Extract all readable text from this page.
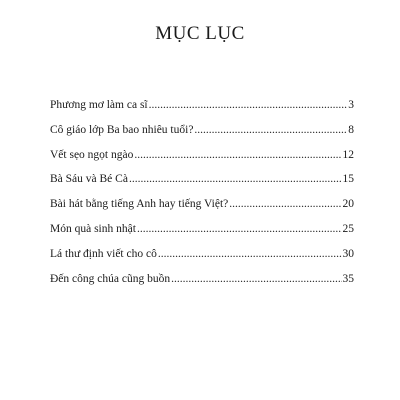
MỤC LỤC
Phương mơ làm ca sĩ .....	3
Cô giáo lớp Ba bao nhiêu tuổi? .....	8
Vết sẹo ngọt ngào .....	12
Bà Sáu và Bé Cà .....	15
Bài hát bằng tiếng Anh hay tiếng Việt? .....	20
Món quà sinh nhật .....	25
Lá thư định viết cho cô .....	30
Đến công chúa cũng buồn .....	35
